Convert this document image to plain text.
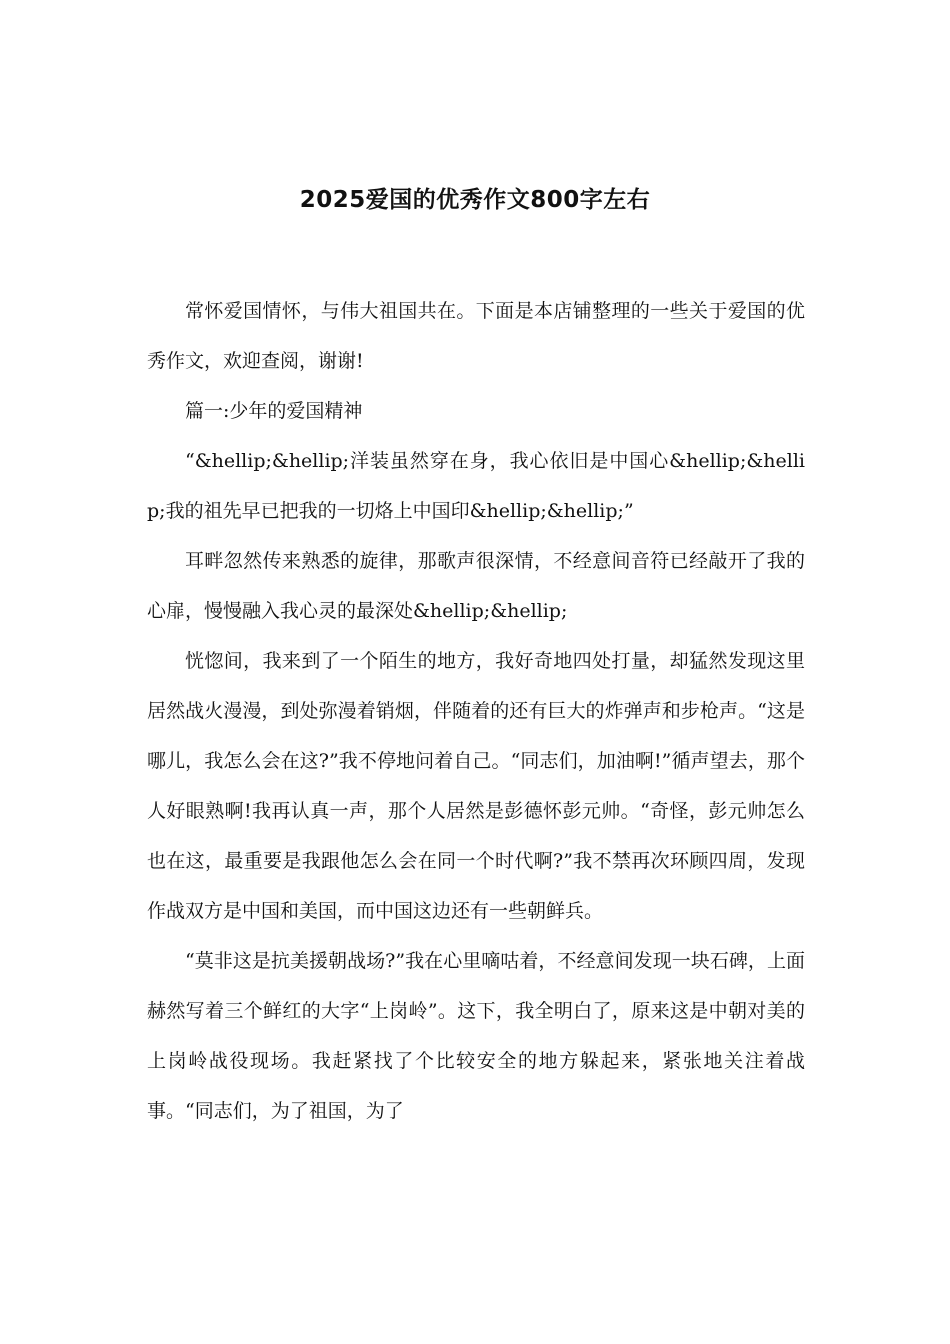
2025爱国的优秀作文800字左右

常怀爱国情怀，与伟大祖国共在。下面是本店铺整理的一些关于爱国的优秀作文，欢迎查阅，谢谢!

篇一:少年的爱国精神

“&hellip;&hellip;洋装虽然穿在身，我心依旧是中国心&hellip;&hellip;我的祖先早已把我的一切烙上中国印&hellip;&hellip;”

耳畔忽然传来熟悉的旋律，那歌声很深情，不经意间音符已经敲开了我的心扉，慢慢融入我心灵的最深处&hellip;&hellip;

恍惚间，我来到了一个陌生的地方，我好奇地四处打量，却猛然发现这里居然战火漫漫，到处弥漫着销烟，伴随着的还有巨大的炸弹声和步枪声。“这是哪儿，我怎么会在这?”我不停地问着自己。“同志们，加油啊!”循声望去，那个人好眼熟啊!我再认真一声，那个人居然是彭德怀彭元帅。“奇怪，彭元帅怎么也在这，最重要是我跟他怎么会在同一个时代啊?”我不禁再次环顾四周，发现作战双方是中国和美国，而中国这边还有一些朝鲜兵。

“莫非这是抗美援朝战场?”我在心里嘀咕着，不经意间发现一块石碑，上面赫然写着三个鲜红的大字“上岗岭”。这下，我全明白了，原来这是中朝对美的上岗岭战役现场。我赶紧找了个比较安全的地方躲起来，紧张地关注着战事。“同志们，为了祖国，为了
